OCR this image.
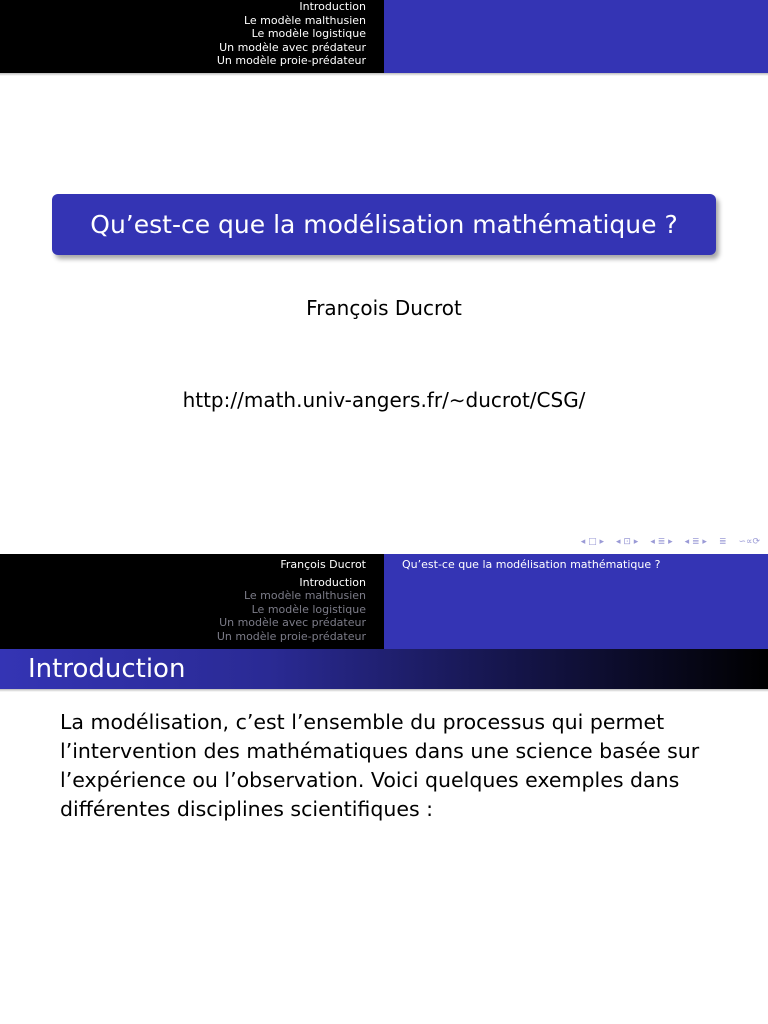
Introduction
Le modèle malthusien
Le modèle logistique
Un modèle avec prédateur
Un modèle proie-prédateur
Qu’est-ce que la modélisation mathématique ?
François Ducrot
http://math.univ-angers.fr/∼ducrot/CSG/
◂ □ ▸ ◂ ⊡ ▸ ◂ ≣ ▸ ◂ ≣ ▸ ≣ ∽∝⟳
François Ducrot
Introduction
Le modèle malthusien
Le modèle logistique
Un modèle avec prédateur
Un modèle proie-prédateur
Qu’est-ce que la modélisation mathématique ?
Introduction
La modélisation, c’est l’ensemble du processus qui permet
l’intervention des mathématiques dans une science basée sur
l’expérience ou l’observation. Voici quelques exemples dans
différentes disciplines scientifiques :
